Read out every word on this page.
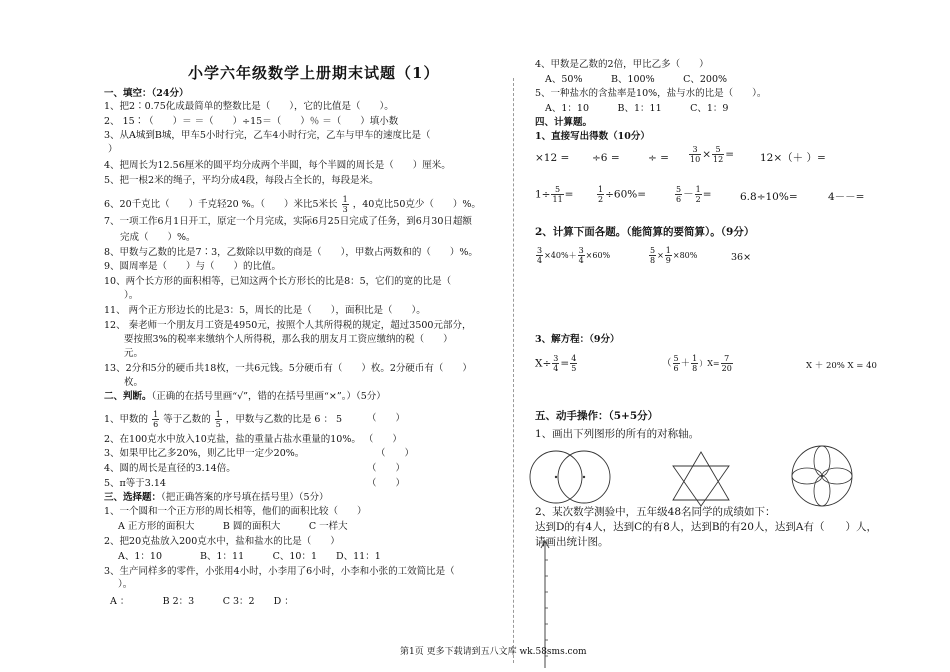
小学六年级数学上册期末试题（1）
一、填空：（24分）
1、把2∶0.75化成最简单的整数比是（　　），它的比值是（　　）。
2、 15∶（　　）＝ ＝（　　）÷15＝（　　）％ ＝（　　）填小数
3、从A城到B城，甲车5小时行完，乙车4小时行完，乙车与甲车的速度比是（
）
4、把周长为12.56厘米的圆平均分成两个半圆，每个半圆的周长是（　　）厘米。
5、把一根2米的绳子，平均分成4段，每段占全长的，每段是米。
6、20千克比（　　）千克轻20 %。（　　）米比5米长 $\frac{1}{3}$ ，40克比50克少（　　）%。
7、一项工作6月1日开工，原定一个月完成，实际6月25日完成了任务，到6月30日超额
完成（　　）%。
8、甲数与乙数的比是7∶3，乙数除以甲数的商是（　　），甲数占两数和的（　　）%。
9、圆周率是（　　）与（　　）的比值。
10、两个长方形的面积相等，已知这两个长方形长的比是8：5，它们的宽的比是（
）。
11、 两个正方形边长的比是3：5，周长的比是（　　），面积比是（　　）。
12、 秦老师一个朋友月工资是4950元，按照个人其所得税的规定，超过3500元部分，
要按照3%的税率来缴纳个人所得税，那么我的朋友月工资应缴纳的税（　　）
元。
13、2分和5分的硬币共18枚，一共6元钱。5分硬币有（　　）枚。2分硬币有（　　）
枚。
二、判断。（正确的在括号里画“√”，错的在括号里画“×”。）（5分）
1、甲数的 $\frac{1}{6}$ 等于乙数的 $\frac{1}{5}$ ，甲数与乙数的比是 6 ： 5	（　　）
2、在100克水中放入10克盐，盐的重量占盐水重量的10%。 （　　）
3、如果甲比乙多20%，则乙比甲一定少20%。	（　　）
4、圆的周长是直径的3.14倍。	（　　）
5、π等于3.14	（　　）
三、选择题：（把正确答案的序号填在括号里）（5分）
1、一个圆和一个正方形的周长相等，他们的面积比较（　　）
A 正方形的面积大　　　B 圆的面积大　　　C 一样大
2、把20克盐放入200克水中，盐和盐水的比是（　　）
A、1：10　　　　B、1：11　　　C、10：1　　D、11：1
3、生产同样多的零件，小张用4小时，小李用了6小时，小李和小张的工效简比是（
）。
A ：　　　　B 2：3　　　C 3：2　　D ：
4、甲数是乙数的2倍，甲比乙多（　　）
A、50%　　　B、100%　　　C、200%
5、一种盐水的含盐率是10%，盐与水的比是（　　）。
A、1：10　　　B、1：11　　　C、1：9
四、计算题。
1、直接写出得数（10分）
×12 = ÷6 =	÷ =	$\frac{3}{10} \times \frac{5}{12} = 12\times(+$ ）=
$1\div \frac{5}{11}$ =	$\frac{1}{2} \div 60\%=$	$\frac{5}{6} - \frac{1}{2}$ =	6.8÷10%=	4－－=
2、计算下面各题。（能简算的要简算）。（9分）
$\frac{3}{4} \times 40\%+ \frac{3}{4} \times 60\%$	$\frac{5}{8} \times \frac{1}{9} \times 80\%$	36×
3、解方程：（9分）
$X\div \frac{3}{4} = \frac{4}{5}$	（ $\frac{5}{6} + \frac{1}{8} )X= \frac{7}{20}$	X ＋ 20% X = 40
五、动手操作：（5+5分）
1、画出下列图形的所有的对称轴。
2、某次数学测验中，五年级48名同学的成绩如下：
达到D的有4人，达到C的有8人，达到B的有20人，达到A有（　　）人，
请画出统计图。
第1页 更多下载请到五八文库 wk.58sms.com
